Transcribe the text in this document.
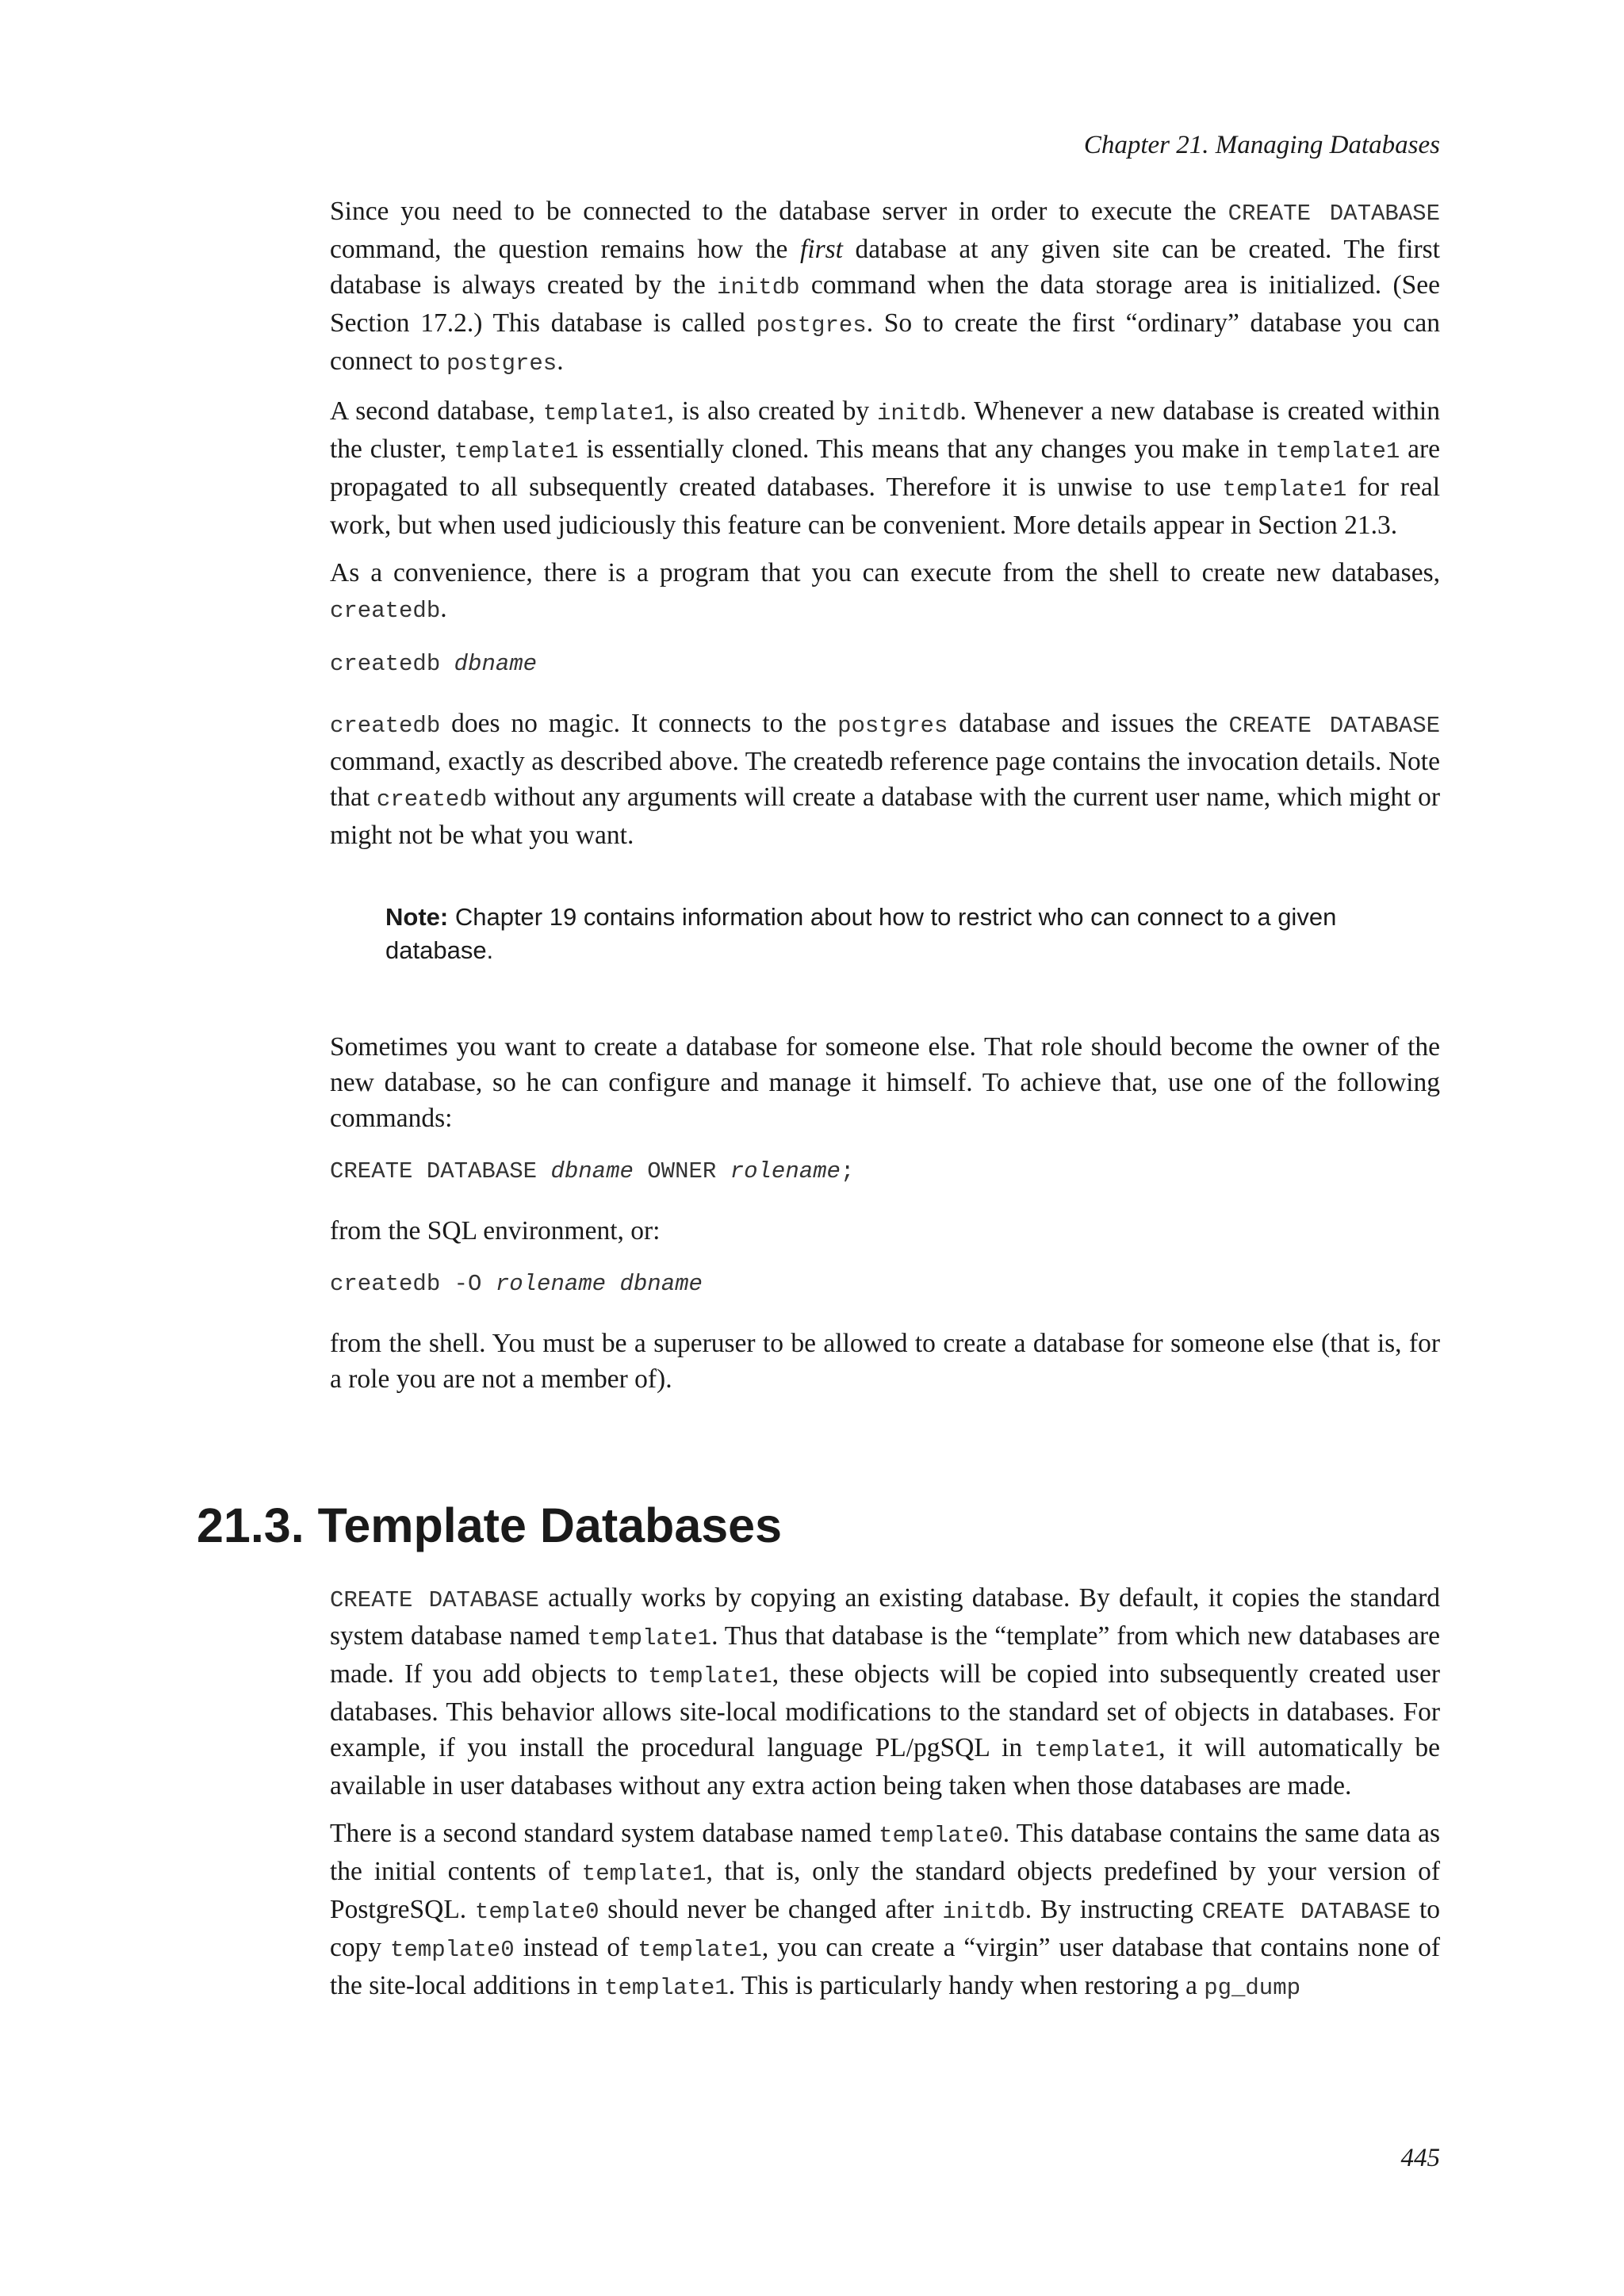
Chapter 21. Managing Databases

Since you need to be connected to the database server in order to execute the CREATE DATABASE command, the question remains how the first database at any given site can be created. The first database is always created by the initdb command when the data storage area is initialized. (See Section 17.2.) This database is called postgres. So to create the first “ordinary” database you can connect to postgres.

A second database, template1, is also created by initdb. Whenever a new database is created within the cluster, template1 is essentially cloned. This means that any changes you make in template1 are propagated to all subsequently created databases. Therefore it is unwise to use template1 for real work, but when used judiciously this feature can be convenient. More details appear in Section 21.3.

As a convenience, there is a program that you can execute from the shell to create new databases, createdb.

createdb dbname

createdb does no magic. It connects to the postgres database and issues the CREATE DATABASE command, exactly as described above. The createdb reference page contains the invocation details. Note that createdb without any arguments will create a database with the current user name, which might or might not be what you want.

Note: Chapter 19 contains information about how to restrict who can connect to a given database.

Sometimes you want to create a database for someone else. That role should become the owner of the new database, so he can configure and manage it himself. To achieve that, use one of the following commands:

CREATE DATABASE dbname OWNER rolename;

from the SQL environment, or:

createdb -O rolename dbname

from the shell. You must be a superuser to be allowed to create a database for someone else (that is, for a role you are not a member of).

21.3. Template Databases

CREATE DATABASE actually works by copying an existing database. By default, it copies the standard system database named template1. Thus that database is the “template” from which new databases are made. If you add objects to template1, these objects will be copied into subsequently created user databases. This behavior allows site-local modifications to the standard set of objects in databases. For example, if you install the procedural language PL/pgSQL in template1, it will automatically be available in user databases without any extra action being taken when those databases are made.

There is a second standard system database named template0. This database contains the same data as the initial contents of template1, that is, only the standard objects predefined by your version of PostgreSQL. template0 should never be changed after initdb. By instructing CREATE DATABASE to copy template0 instead of template1, you can create a “virgin” user database that contains none of the site-local additions in template1. This is particularly handy when restoring a pg_dump

445
